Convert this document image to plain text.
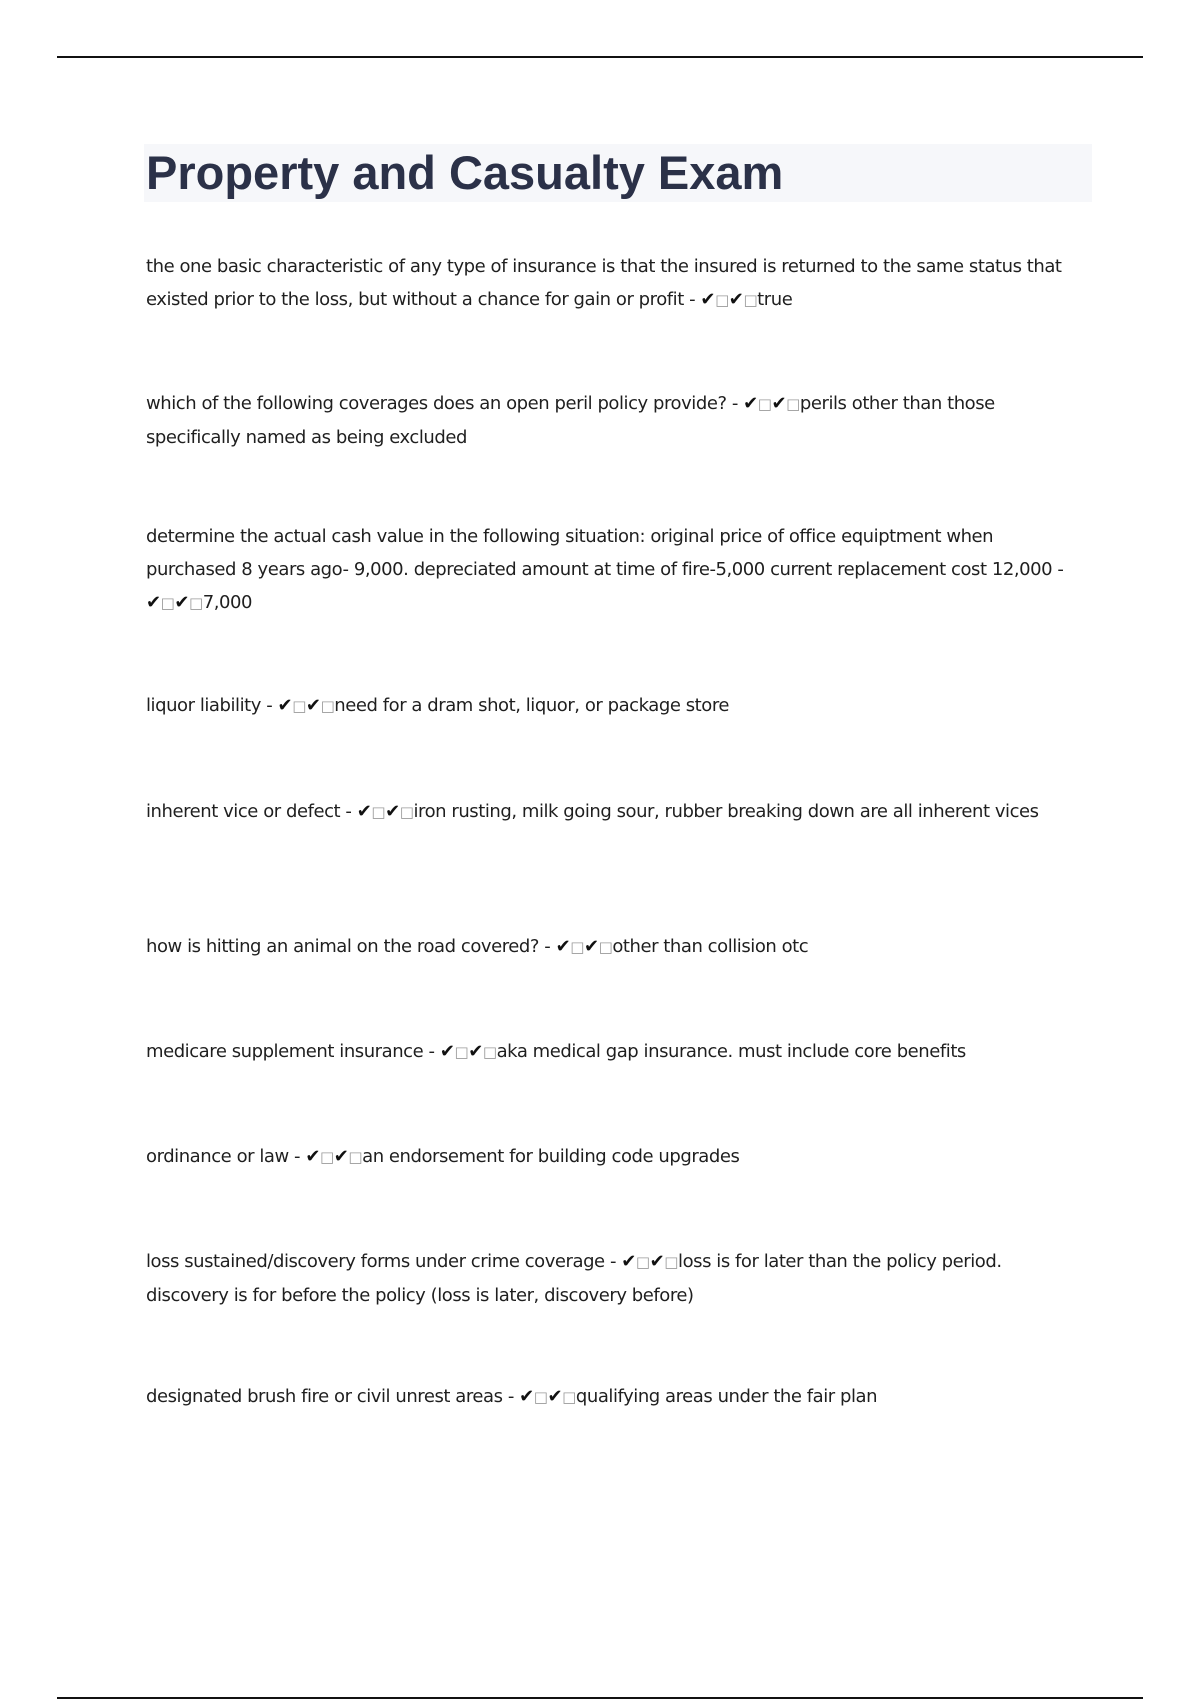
Property and Casualty Exam

the one basic characteristic of any type of insurance is that the insured is returned to the same status that existed prior to the loss, but without a chance for gain or profit - ✔□✔□true

which of the following coverages does an open peril policy provide? - ✔□✔□perils other than those specifically named as being excluded

determine the actual cash value in the following situation: original price of office equiptment when purchased 8 years ago- 9,000. depreciated amount at time of fire-5,000 current replacement cost 12,000 - ✔□✔□7,000

liquor liability - ✔□✔□need for a dram shot, liquor, or package store

inherent vice or defect - ✔□✔□iron rusting, milk going sour, rubber breaking down are all inherent vices

how is hitting an animal on the road covered? - ✔□✔□other than collision otc

medicare supplement insurance - ✔□✔□aka medical gap insurance. must include core benefits

ordinance or law - ✔□✔□an endorsement for building code upgrades

loss sustained/discovery forms under crime coverage - ✔□✔□loss is for later than the policy period. discovery is for before the policy (loss is later, discovery before)

designated brush fire or civil unrest areas - ✔□✔□qualifying areas under the fair plan
